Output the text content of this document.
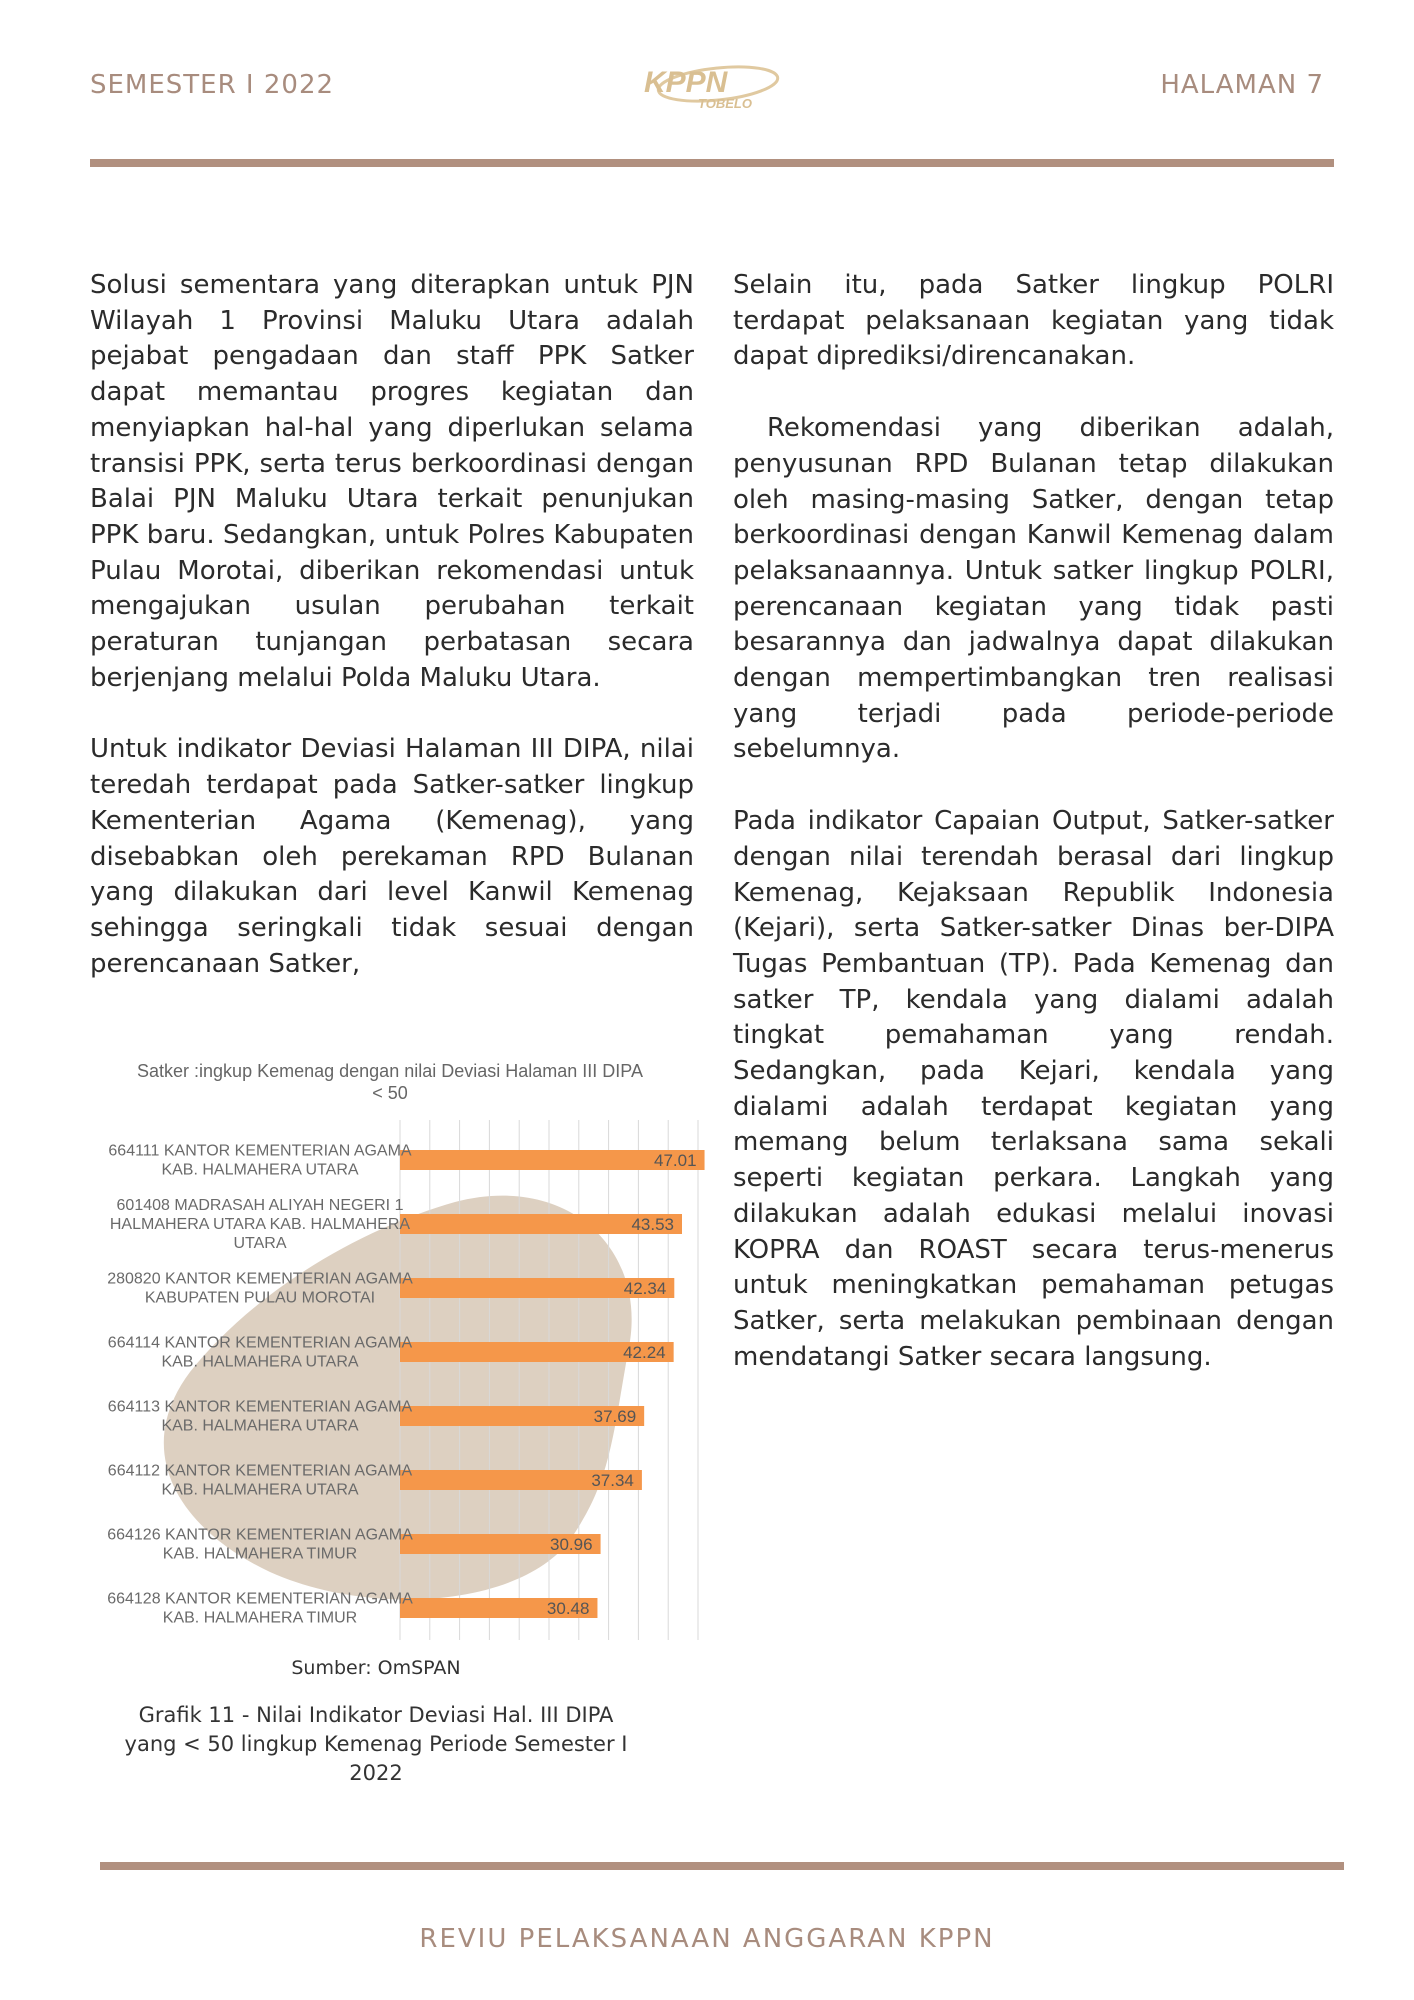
SEMESTER I 2022	KPPN
TOBELO
HALAMAN 7

Solusi sementara yang diterapkan untuk PJN Wilayah 1 Provinsi Maluku Utara adalah pejabat pengadaan dan staff PPK Satker dapat memantau progres kegiatan dan menyiapkan hal-hal yang diperlukan selama transisi PPK, serta terus berkoordinasi dengan Balai PJN Maluku Utara terkait penunjukan PPK baru. Sedangkan, untuk Polres Kabupaten Pulau Morotai, diberikan rekomendasi untuk mengajukan usulan perubahan terkait peraturan tunjangan perbatasan secara berjenjang melalui Polda Maluku Utara.

Untuk indikator Deviasi Halaman III DIPA, nilai teredah terdapat pada Satker-satker lingkup Kementerian Agama (Kemenag), yang disebabkan oleh perekaman RPD Bulanan yang dilakukan dari level Kanwil Kemenag sehingga seringkali tidak sesuai dengan perencanaan Satker,

Selain itu, pada Satker lingkup POLRI terdapat pelaksanaan kegiatan yang tidak dapat diprediksi/direncanakan.

Rekomendasi yang diberikan adalah, penyusunan RPD Bulanan tetap dilakukan oleh masing-masing Satker, dengan tetap berkoordinasi dengan Kanwil Kemenag dalam pelaksanaannya. Untuk satker lingkup POLRI, perencanaan kegiatan yang tidak pasti besarannya dan jadwalnya dapat dilakukan dengan mempertimbangkan tren realisasi yang terjadi pada periode-periode sebelumnya.

Pada indikator Capaian Output, Satker-satker dengan nilai terendah berasal dari lingkup Kemenag, Kejaksaan Republik Indonesia (Kejari), serta Satker-satker Dinas ber-DIPA Tugas Pembantuan (TP). Pada Kemenag dan satker TP, kendala yang dialami adalah tingkat pemahaman yang rendah. Sedangkan, pada Kejari, kendala yang dialami adalah terdapat kegiatan yang memang belum terlaksana sama sekali seperti kegiatan perkara. Langkah yang dilakukan adalah edukasi melalui inovasi KOPRA dan ROAST secara terus-menerus untuk meningkatkan pemahaman petugas Satker, serta melakukan pembinaan dengan mendatangi Satker secara langsung.

47.01
664111 KANTOR KEMENTERIAN AGAMA
KAB. HALMAHERA UTARA
43.53
601408 MADRASAH ALIYAH NEGERI 1
HALMAHERA UTARA KAB. HALMAHERA
UTARA
42.34
280820 KANTOR KEMENTERIAN AGAMA
KABUPATEN PULAU MOROTAI
42.24
664114 KANTOR KEMENTERIAN AGAMA
KAB. HALMAHERA UTARA
37.69
664113 KANTOR KEMENTERIAN AGAMA
KAB. HALMAHERA UTARA
37.34
664112 KANTOR KEMENTERIAN AGAMA
KAB. HALMAHERA UTARA
30.96
664126 KANTOR KEMENTERIAN AGAMA
KAB. HALMAHERA TIMUR
30.48
664128 KANTOR KEMENTERIAN AGAMA
KAB. HALMAHERA TIMUR
Satker :ingkup Kemenag dengan nilai Deviasi Halaman III DIPA < 50
Sumber: OmSPAN
Grafik 11 - Nilai Indikator Deviasi Hal. III DIPA yang < 50 lingkup Kemenag Periode Semester I 2022
REVIU PELAKSANAAN ANGGARAN KPPN
